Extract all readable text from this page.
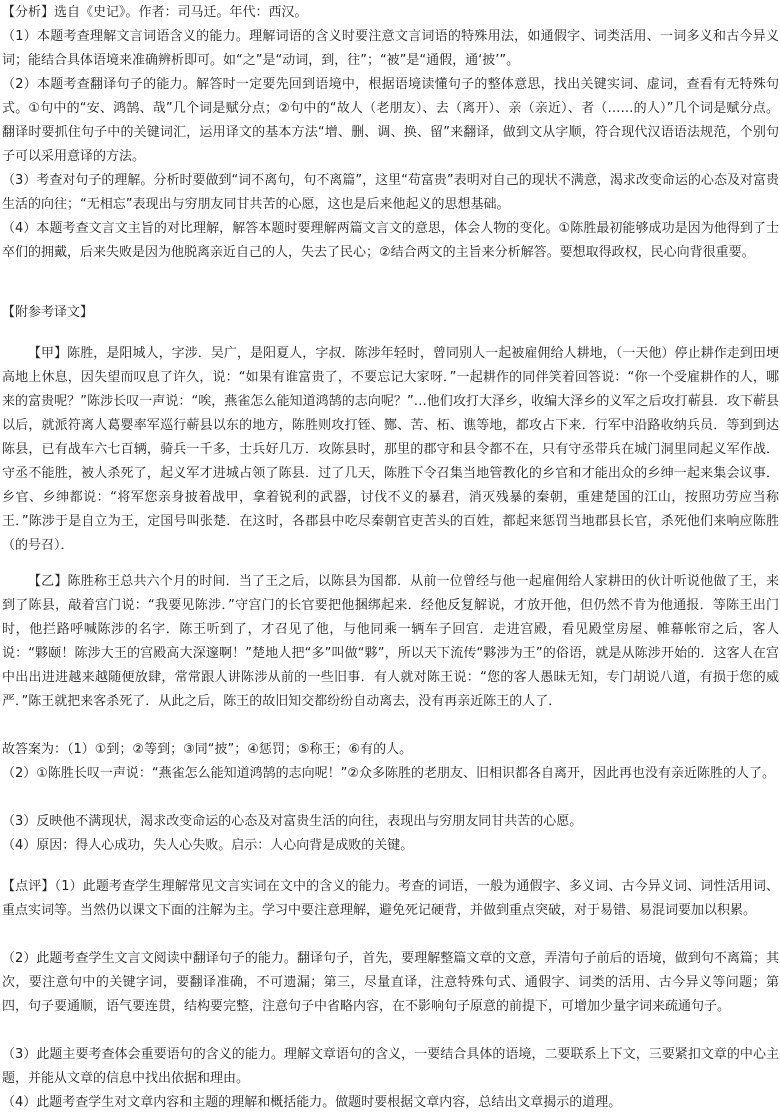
【分析】选自《史记》。作者：司马迁。年代：西汉。

（1）本题考查理解文言词语含义的能力。理解词语的含义时要注意文言词语的特殊用法，如通假字、词类活用、一词多义和古今异义词；能结合具体语境来准确辨析即可。如“之”是“动词，到，往”；“被”是“通假，通‘披’”。

（2）本题考查翻译句子的能力。解答时一定要先回到语境中，根据语境读懂句子的整体意思，找出关键实词、虚词，查看有无特殊句式。①句中的“安、鸿鹄、哉”几个词是赋分点；②句中的“故人（老朋友）、去（离开）、亲（亲近）、者（……的人）”几个词是赋分点。翻译时要抓住句子中的关键词汇，运用译文的基本方法“增、删、调、换、留”来翻译，做到文从字顺，符合现代汉语语法规范，个别句子可以采用意译的方法。

（3）考查对句子的理解。分析时要做到“词不离句，句不离篇”，这里“苟富贵”表明对自己的现状不满意，渴求改变命运的心态及对富贵生活的向往；“无相忘”表现出与穷朋友同甘共苦的心愿，这也是后来他起义的思想基础。

（4）本题考查文言文主旨的对比理解，解答本题时要理解两篇文言文的意思，体会人物的变化。①陈胜最初能够成功是因为他得到了士卒们的拥戴，后来失败是因为他脱离亲近自己的人，失去了民心；②结合两文的主旨来分析解答。要想取得政权，民心向背很重要。

【附参考译文】

【甲】陈胜，是阳城人，字涉．吴广，是阳夏人，字叔．陈涉年轻时，曾同别人一起被雇佣给人耕地，（一天他）停止耕作走到田埂高地上休息，因失望而叹息了许久，说：“如果有谁富贵了，不要忘记大家呀．”一起耕作的同伴笑着回答说：“你一个受雇耕作的人，哪来的富贵呢？”陈涉长叹一声说：“唉，燕雀怎么能知道鸿鹄的志向呢？”…他们攻打大泽乡，收编大泽乡的义军之后攻打蕲县．攻下蕲县以后，就派符离人葛婴率军巡行蕲县以东的地方，陈胜则攻打铚、酂、苦、柘、谯等地，都攻占下来．行军中沿路收纳兵员．等到到达陈县，已有战车六七百辆，骑兵一千多，士兵好几万．攻陈县时，那里的郡守和县令都不在，只有守丞带兵在城门洞里同起义军作战．守丞不能胜，被人杀死了，起义军才进城占领了陈县．过了几天，陈胜下令召集当地管教化的乡官和才能出众的乡绅一起来集会议事．乡官、乡绅都说：“将军您亲身披着战甲，拿着锐利的武器，讨伐不义的暴君，消灭残暴的秦朝，重建楚国的江山，按照功劳应当称王．”陈涉于是自立为王，定国号叫张楚．在这时，各郡县中吃尽秦朝官吏苦头的百姓，都起来惩罚当地郡县长官，杀死他们来响应陈胜（的号召）．

【乙】陈胜称王总共六个月的时间．当了王之后，以陈县为国都．从前一位曾经与他一起雇佣给人家耕田的伙计听说他做了王，来到了陈县，敲着宫门说：“我要见陈涉．”守宫门的长官要把他捆绑起来．经他反复解说，才放开他，但仍然不肯为他通报．等陈王出门时，他拦路呼喊陈涉的名字．陈王听到了，才召见了他，与他同乘一辆车子回宫．走进宫殿，看见殿堂房屋、帷幕帐帘之后，客人说：“夥颐！陈涉大王的宫殿高大深邃啊！”楚地人把“多”叫做“夥”，所以天下流传“夥涉为王”的俗语，就是从陈涉开始的．这客人在宫中出出进进越来越随便放肆，常常跟人讲陈涉从前的一些旧事．有人就对陈王说：“您的客人愚昧无知，专门胡说八道，有损于您的威严．”陈王就把来客杀死了．从此之后，陈王的故旧知交都纷纷自动离去，没有再亲近陈王的人了．

故答案为：（1）①到；②等到；③同“披”；④惩罚；⑤称王；⑥有的人。

（2）①陈胜长叹一声说：“燕雀怎么能知道鸿鹄的志向呢！”②众多陈胜的老朋友、旧相识都各自离开，因此再也没有亲近陈胜的人了。

（3）反映他不满现状，渴求改变命运的心态及对富贵生活的向往，表现出与穷朋友同甘共苦的心愿。

（4）原因：得人心成功，失人心失败。启示：人心向背是成败的关键。

【点评】（1）此题考查学生理解常见文言实词在文中的含义的能力。考查的词语，一般为通假字、多义词、古今异义词、词性活用词、重点实词等。当然仍以课文下面的注解为主。学习中要注意理解，避免死记硬背，并做到重点突破，对于易错、易混词要加以积累。

（2）此题考查学生文言文阅读中翻译句子的能力。翻译句子，首先，要理解整篇文章的文意，弄清句子前后的语境，做到句不离篇；其次，要注意句中的关键字词，要翻译准确，不可遗漏；第三，尽量直译，注意特殊句式、通假字、词类的活用、古今异义等问题；第四，句子要通顺，语气要连贯，结构要完整，注意句子中省略内容，在不影响句子原意的前提下，可增加少量字词来疏通句子。

（3）此题主要考查体会重要语句的含义的能力。理解文章语句的含义，一要结合具体的语境，二要联系上下文，三要紧扣文章的中心主题，并能从文章的信息中找出依据和理由。

（4）此题考查学生对文章内容和主题的理解和概括能力。做题时要根据文章内容，总结出文章揭示的道理。
